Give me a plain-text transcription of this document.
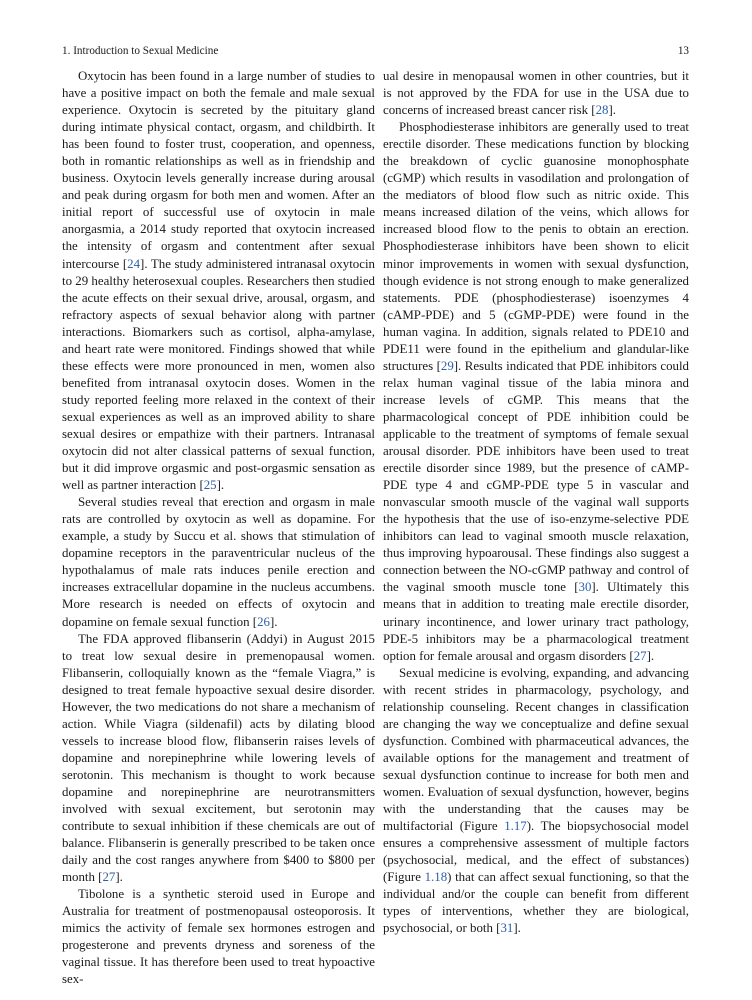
1. Introduction to Sexual Medicine	13

Oxytocin has been found in a large number of studies to have a positive impact on both the female and male sexual experience. Oxytocin is secreted by the pituitary gland during intimate physical contact, orgasm, and childbirth. It has been found to foster trust, cooperation, and openness, both in romantic relationships as well as in friendship and business. Oxytocin levels generally increase during arousal and peak during orgasm for both men and women. After an initial report of successful use of oxytocin in male anorgasmia, a 2014 study reported that oxytocin increased the intensity of orgasm and contentment after sexual intercourse [24]. The study administered intranasal oxytocin to 29 healthy heterosexual couples. Researchers then studied the acute effects on their sexual drive, arousal, orgasm, and refractory aspects of sexual behavior along with partner interactions. Biomarkers such as cortisol, alpha-amylase, and heart rate were monitored. Findings showed that while these effects were more pronounced in men, women also benefited from intranasal oxytocin doses. Women in the study reported feeling more relaxed in the context of their sexual experiences as well as an improved ability to share sexual desires or empathize with their partners. Intranasal oxytocin did not alter classical patterns of sexual function, but it did improve orgasmic and post-orgasmic sensation as well as partner interaction [25].

Several studies reveal that erection and orgasm in male rats are controlled by oxytocin as well as dopamine. For example, a study by Succu et al. shows that stimulation of dopamine receptors in the paraventricular nucleus of the hypothalamus of male rats induces penile erection and increases extracellular dopamine in the nucleus accumbens. More research is needed on effects of oxytocin and dopamine on female sexual function [26].

The FDA approved flibanserin (Addyi) in August 2015 to treat low sexual desire in premenopausal women. Flibanserin, colloquially known as the “female Viagra,” is designed to treat female hypoactive sexual desire disorder. However, the two medications do not share a mechanism of action. While Viagra (sildenafil) acts by dilating blood vessels to increase blood flow, flibanserin raises levels of dopamine and norepinephrine while lowering levels of serotonin. This mechanism is thought to work because dopamine and norepinephrine are neurotransmitters involved with sexual excitement, but serotonin may contribute to sexual inhibition if these chemicals are out of balance. Flibanserin is generally prescribed to be taken once daily and the cost ranges anywhere from $400 to $800 per month [27].

Tibolone is a synthetic steroid used in Europe and Australia for treatment of postmenopausal osteoporosis. It mimics the activity of female sex hormones estrogen and progesterone and prevents dryness and soreness of the vaginal tissue. It has therefore been used to treat hypoactive sex-

ual desire in menopausal women in other countries, but it is not approved by the FDA for use in the USA due to concerns of increased breast cancer risk [28].

Phosphodiesterase inhibitors are generally used to treat erectile disorder. These medications function by blocking the breakdown of cyclic guanosine monophosphate (cGMP) which results in vasodilation and prolongation of the mediators of blood flow such as nitric oxide. This means increased dilation of the veins, which allows for increased blood flow to the penis to obtain an erection. Phosphodiesterase inhibitors have been shown to elicit minor improvements in women with sexual dysfunction, though evidence is not strong enough to make generalized statements. PDE (phosphodiesterase) isoenzymes 4 (cAMP-PDE) and 5 (cGMP-PDE) were found in the human vagina. In addition, signals related to PDE10 and PDE11 were found in the epithelium and glandular-like structures [29]. Results indicated that PDE inhibitors could relax human vaginal tissue of the labia minora and increase levels of cGMP. This means that the pharmacological concept of PDE inhibition could be applicable to the treatment of symptoms of female sexual arousal disorder. PDE inhibitors have been used to treat erectile disorder since 1989, but the presence of cAMP-PDE type 4 and cGMP-PDE type 5 in vascular and nonvascular smooth muscle of the vaginal wall supports the hypothesis that the use of iso-enzyme-selective PDE inhibitors can lead to vaginal smooth muscle relaxation, thus improving hypoarousal. These findings also suggest a connection between the NO-cGMP pathway and control of the vaginal smooth muscle tone [30]. Ultimately this means that in addition to treating male erectile disorder, urinary incontinence, and lower urinary tract pathology, PDE-5 inhibitors may be a pharmacological treatment option for female arousal and orgasm disorders [27].

Sexual medicine is evolving, expanding, and advancing with recent strides in pharmacology, psychology, and relationship counseling. Recent changes in classification are changing the way we conceptualize and define sexual dysfunction. Combined with pharmaceutical advances, the available options for the management and treatment of sexual dysfunction continue to increase for both men and women. Evaluation of sexual dysfunction, however, begins with the understanding that the causes may be multifactorial (Figure 1.17). The biopsychosocial model ensures a comprehensive assessment of multiple factors (psychosocial, medical, and the effect of substances) (Figure 1.18) that can affect sexual functioning, so that the individual and/or the couple can benefit from different types of interventions, whether they are biological, psychosocial, or both [31].
